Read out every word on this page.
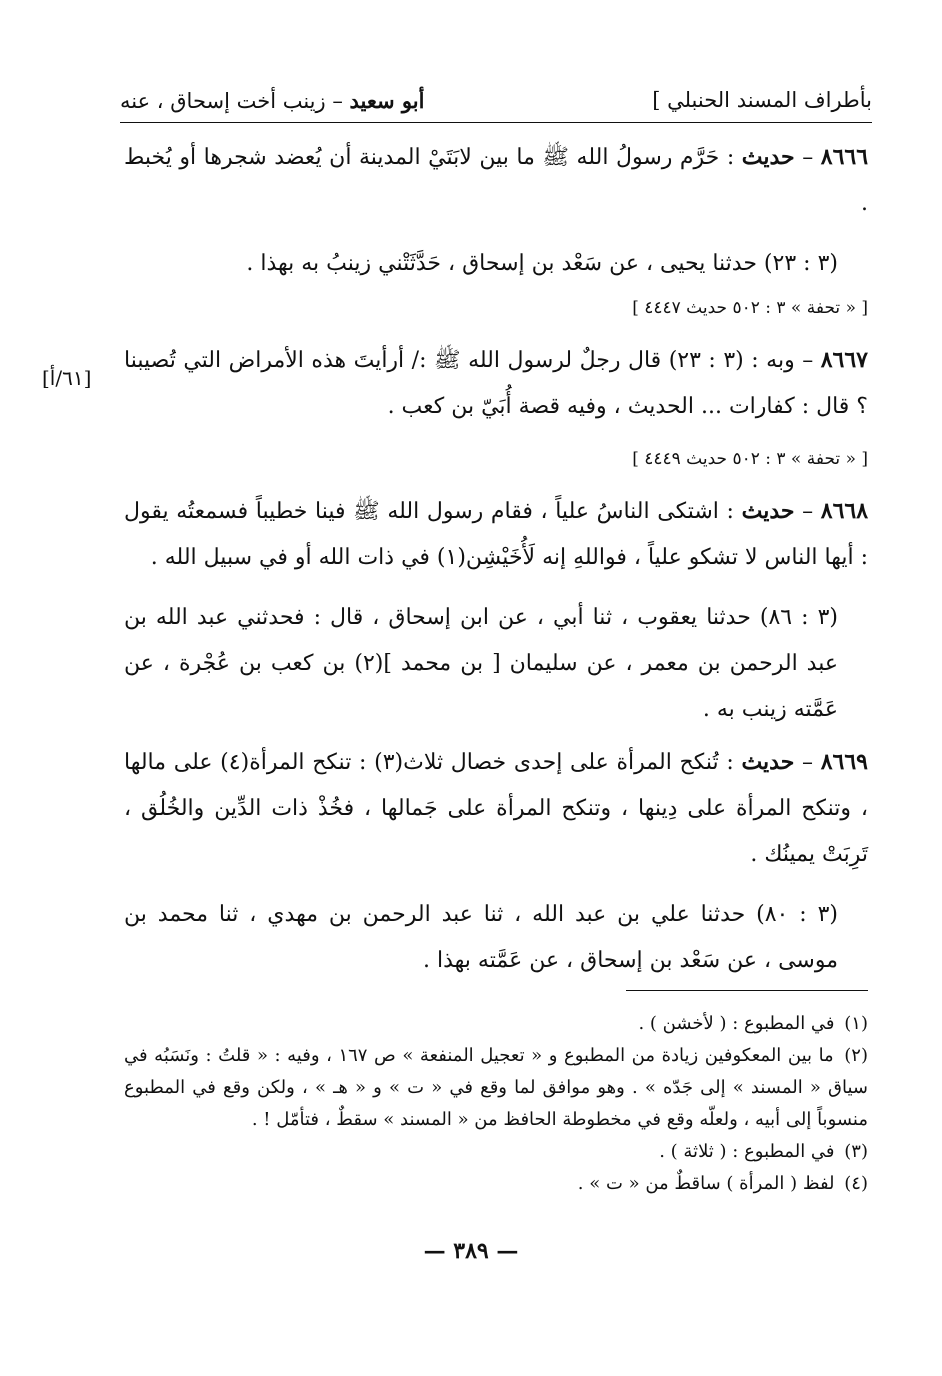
بأطراف المسند الحنبلي ]
أبو سعيد – زينب أخت إسحاق ، عنه
[٦١/أ]
٨٦٦٦ – حديث : حَرَّم رسولُ الله ﷺ ما بين لابَتَيْ المدينة أن يُعضد شجرها أو يُخبط .
(٣ : ٢٣) حدثنا يحيى ، عن سَعْد بن إسحاق ، حَدَّثَتْني زينبُ به بهذا .
[ « تحفة » ٣ : ٥٠٢ حديث ٤٤٤٧ ]
٨٦٦٧ – وبه : (٣ : ٢٣) قال رجلٌ لرسول الله ﷺ :/ أرأيتَ هذه الأمراض التي تُصيبنا ؟ قال : كفارات ... الحديث ، وفيه قصة أُبَيّ بن كعب .
[ « تحفة » ٣ : ٥٠٢ حديث ٤٤٤٩ ]
٨٦٦٨ – حديث : اشتكى الناسُ علياً ، فقام رسول الله ﷺ فينا خطيباً فسمعتُه يقول : أيها الناس لا تشكو علياً ، فواللهِ إنه لَأُخَيْشِن(١) في ذات الله أو في سبيل الله .
(٣ : ٨٦) حدثنا يعقوب ، ثنا أبي ، عن ابن إسحاق ، قال : فحدثني عبد الله بن عبد الرحمن بن معمر ، عن سليمان [ بن محمد ](٢) بن كعب بن عُجْرة ، عن عَمَّته زينب به .
٨٦٦٩ – حديث : تُنكح المرأة على إحدى خصال ثلاث(٣) : تنكح المرأة(٤) على مالها ، وتنكح المرأة على دِينها ، وتنكح المرأة على جَمالها ، فخُذْ ذات الدِّين والخُلُق ، تَرِبَتْ يمينُك .
(٣ : ٨٠) حدثنا علي بن عبد الله ، ثنا عبد الرحمن بن مهدي ، ثنا محمد بن موسى ، عن سَعْد بن إسحاق ، عن عَمَّته بهذا .

(١) في المطبوع : ( لأخشن ) .

(٢) ما بين المعكوفين زيادة من المطبوع و « تعجيل المنفعة » ص ١٦٧ ، وفيه : « قلتُ : ونَسَبُه في سياق « المسند » إلى جَدّه » . وهو موافق لما وقع في « ت » و « هـ » ، ولكن وقع في المطبوع منسوباً إلى أبيه ، ولعلّه وقع في مخطوطة الحافظ من « المسند » سقطٌ ، فتأمّل ! .

(٣) في المطبوع : ( ثلاثة ) .

(٤) لفظ ( المرأة ) ساقطٌ من « ت » .

— ٣٨٩ —
